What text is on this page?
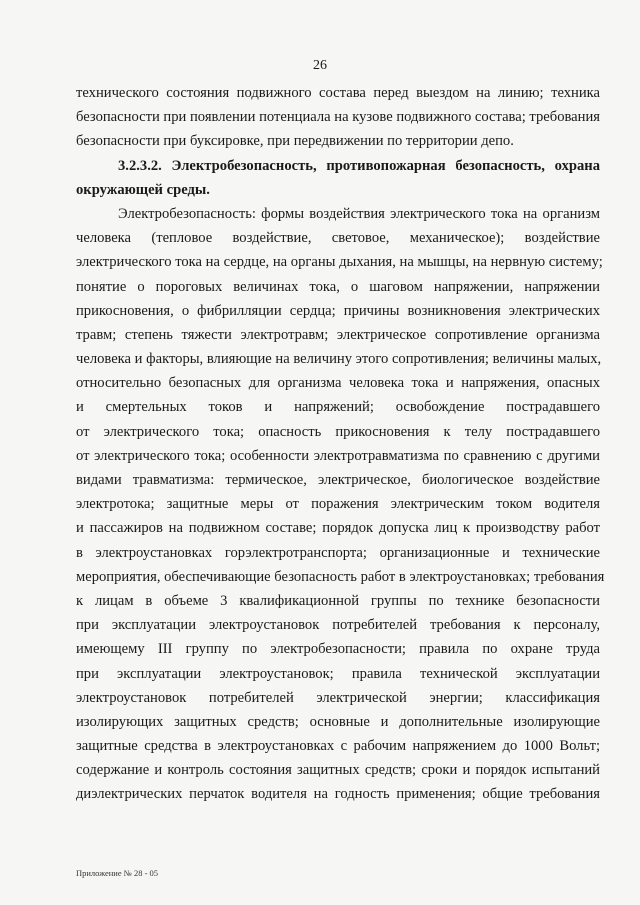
26
технического состояния подвижного состава перед выездом на линию; техника
безопасности при появлении потенциала на кузове подвижного состава; требования
безопасности при буксировке, при передвижении по территории депо.
3.2.3.2. Электробезопасность, противопожарная безопасность, охрана
окружающей среды.
Электробезопасность: формы воздействия электрического тока на организм
человека (тепловое воздействие, световое, механическое); воздействие
электрического тока на сердце, на органы дыхания, на мышцы, на нервную систему;
понятие о пороговых величинах тока, о шаговом напряжении, напряжении
прикосновения, о фибрилляции сердца; причины возникновения электрических
травм; степень тяжести электротравм; электрическое сопротивление организма
человека и факторы, влияющие на величину этого сопротивления; величины малых,
относительно безопасных для организма человека тока и напряжения, опасных
и смертельных токов и напряжений; освобождение пострадавшего
от электрического тока; опасность прикосновения к телу пострадавшего
от электрического тока; особенности электротравматизма по сравнению с другими
видами травматизма: термическое, электрическое, биологическое воздействие
электротока; защитные меры от поражения электрическим током водителя
и пассажиров на подвижном составе; порядок допуска лиц к производству работ
в электроустановках горэлектротранспорта; организационные и технические
мероприятия, обеспечивающие безопасность работ в электроустановках; требования
к лицам в объеме 3 квалификационной группы по технике безопасности
при эксплуатации электроустановок потребителей требования к персоналу,
имеющему III группу по электробезопасности; правила по охране труда
при эксплуатации электроустановок; правила технической эксплуатации
электроустановок потребителей электрической энергии; классификация
изолирующих защитных средств; основные и дополнительные изолирующие
защитные средства в электроустановках с рабочим напряжением до 1000 Вольт;
содержание и контроль состояния защитных средств; сроки и порядок испытаний
диэлектрических перчаток водителя на годность применения; общие требования
Приложение № 28 - 05
